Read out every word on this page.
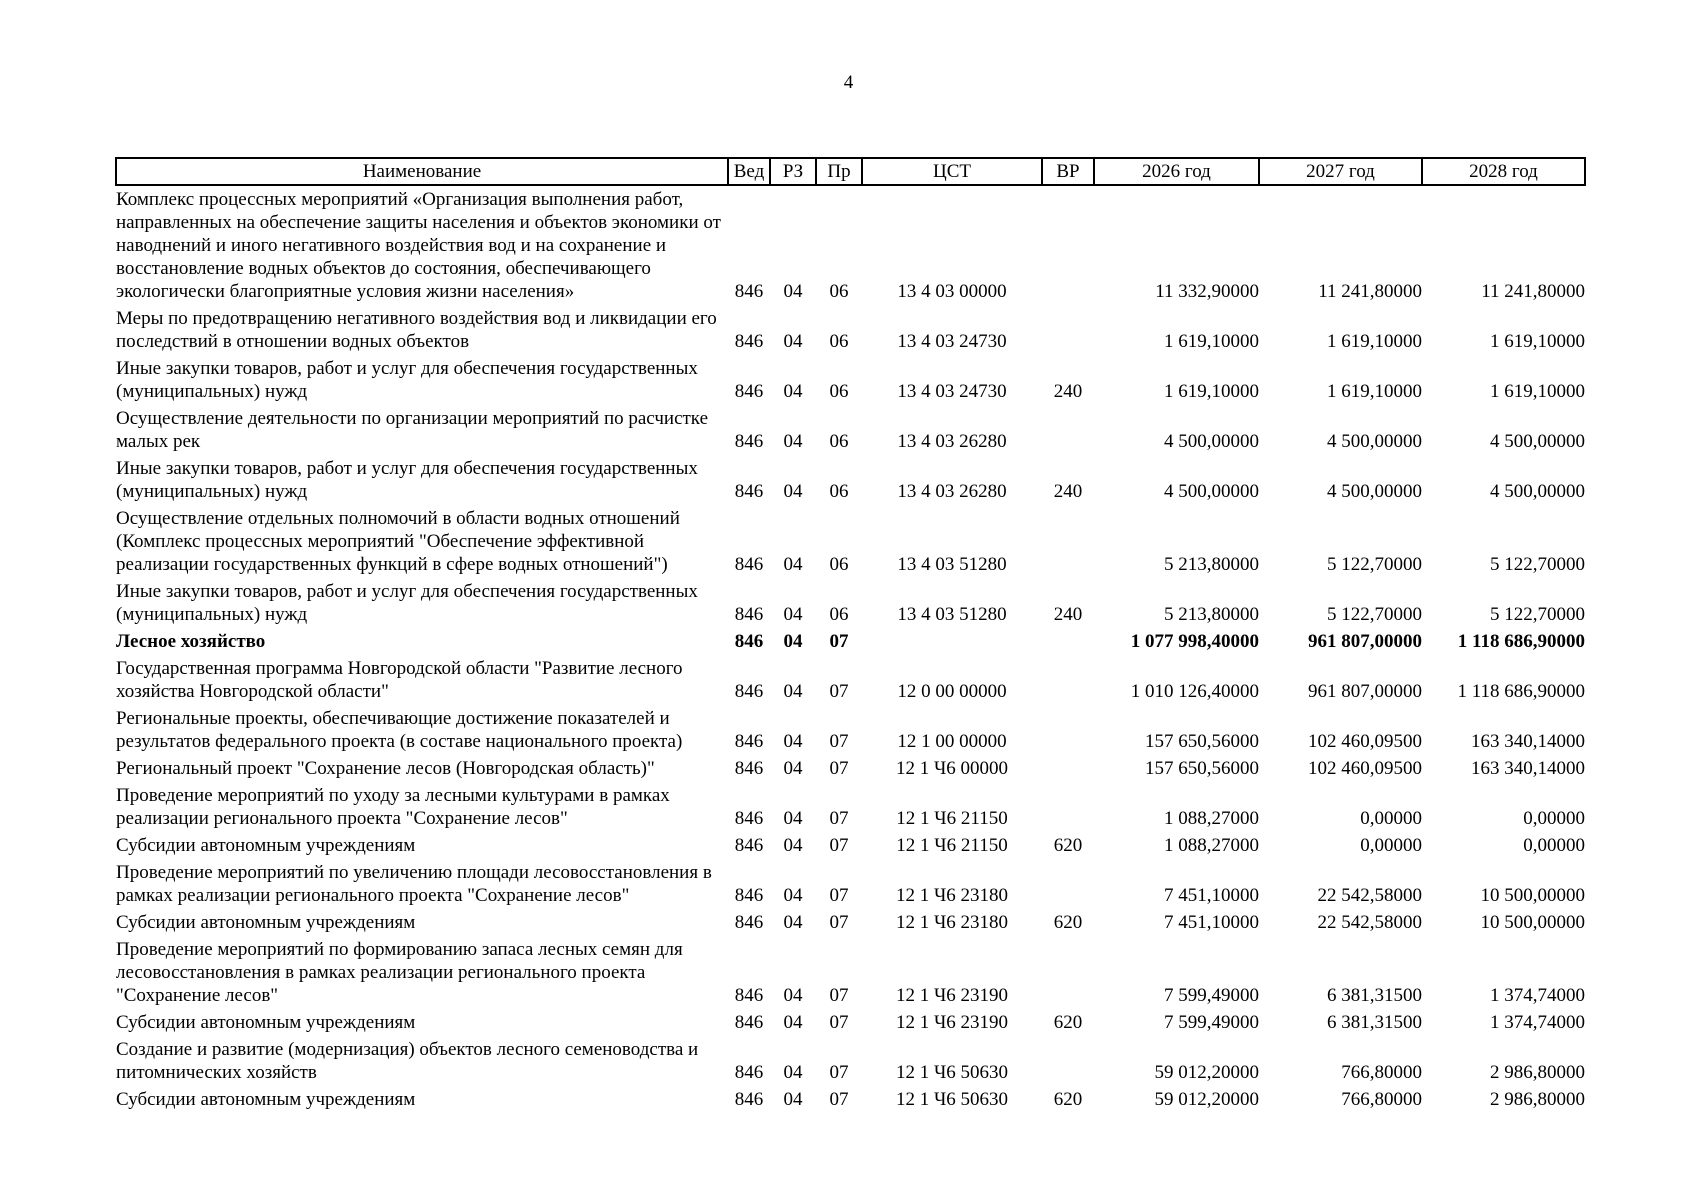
4
Наименование	Вед	РЗ	Пр	ЦСТ	ВР	2026 год	2027 год	2028 год
Комплекс процессных мероприятий «Организация выполнения работ, направленных на обеспечение защиты населения и объектов экономики от наводнений и иного негативного воздействия вод и на сохранение и восстановление водных объектов до состояния, обеспечивающего экологически благоприятные условия жизни населения»	846	04	06	13 4 03 00000		11 332,90000	11 241,80000	11 241,80000
Меры по предотвращению негативного воздействия вод и ликвидации его последствий в отношении водных объектов	846	04	06	13 4 03 24730		1 619,10000	1 619,10000	1 619,10000
Иные закупки товаров, работ и услуг для обеспечения государственных (муниципальных) нужд	846	04	06	13 4 03 24730	240	1 619,10000	1 619,10000	1 619,10000
Осуществление деятельности по организации мероприятий по расчистке малых рек	846	04	06	13 4 03 26280		4 500,00000	4 500,00000	4 500,00000
Иные закупки товаров, работ и услуг для обеспечения государственных (муниципальных) нужд	846	04	06	13 4 03 26280	240	4 500,00000	4 500,00000	4 500,00000
Осуществление отдельных полномочий в области водных отношений (Комплекс процессных мероприятий "Обеспечение эффективной реализации государственных функций в сфере водных отношений")	846	04	06	13 4 03 51280		5 213,80000	5 122,70000	5 122,70000
Иные закупки товаров, работ и услуг для обеспечения государственных (муниципальных) нужд	846	04	06	13 4 03 51280	240	5 213,80000	5 122,70000	5 122,70000
Лесное хозяйство	846	04	07			1 077 998,40000	961 807,00000	1 118 686,90000
Государственная программа Новгородской области "Развитие лесного хозяйства Новгородской области"	846	04	07	12 0 00 00000		1 010 126,40000	961 807,00000	1 118 686,90000
Региональные проекты, обеспечивающие достижение показателей и результатов федерального проекта (в составе национального проекта)	846	04	07	12 1 00 00000		157 650,56000	102 460,09500	163 340,14000
Региональный проект "Сохранение лесов (Новгородская область)"	846	04	07	12 1 Ч6 00000		157 650,56000	102 460,09500	163 340,14000
Проведение мероприятий по уходу за лесными культурами в рамках реализации регионального проекта "Сохранение лесов"	846	04	07	12 1 Ч6 21150		1 088,27000	0,00000	0,00000
Субсидии автономным учреждениям	846	04	07	12 1 Ч6 21150	620	1 088,27000	0,00000	0,00000
Проведение мероприятий по увеличению площади лесовосстановления в рамках реализации регионального проекта "Сохранение лесов"	846	04	07	12 1 Ч6 23180		7 451,10000	22 542,58000	10 500,00000
Субсидии автономным учреждениям	846	04	07	12 1 Ч6 23180	620	7 451,10000	22 542,58000	10 500,00000
Проведение мероприятий по формированию запаса лесных семян для лесовосстановления в рамках реализации регионального проекта "Сохранение лесов"	846	04	07	12 1 Ч6 23190		7 599,49000	6 381,31500	1 374,74000
Субсидии автономным учреждениям	846	04	07	12 1 Ч6 23190	620	7 599,49000	6 381,31500	1 374,74000
Создание и развитие (модернизация) объектов лесного семеноводства и питомнических хозяйств	846	04	07	12 1 Ч6 50630		59 012,20000	766,80000	2 986,80000
Субсидии автономным учреждениям	846	04	07	12 1 Ч6 50630	620	59 012,20000	766,80000	2 986,80000
